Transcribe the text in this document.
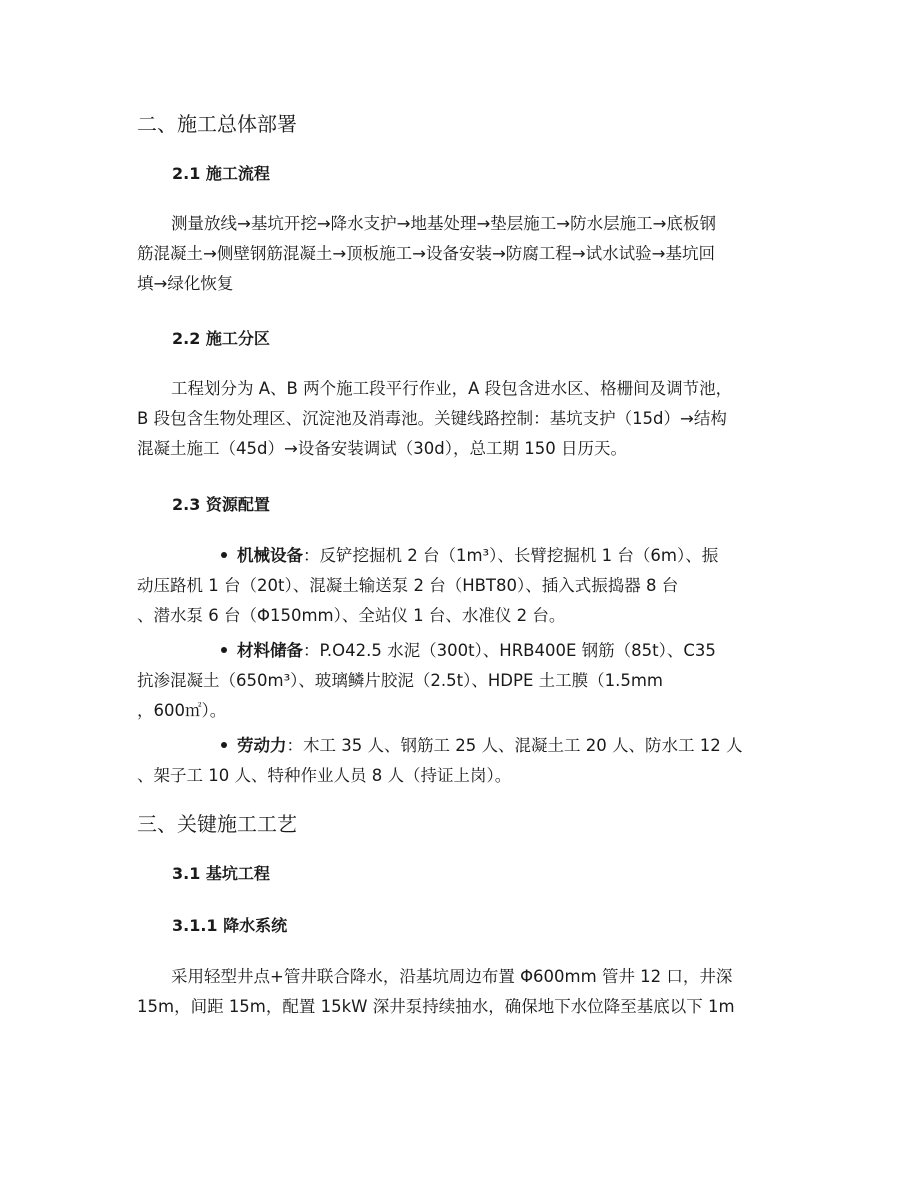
二、施工总体部署
2.1 施工流程

测量放线→基坑开挖→降水支护→地基处理→垫层施工→防水层施工→底板钢
筋混凝土→侧壁钢筋混凝土→顶板施工→设备安装→防腐工程→试水试验→基坑回
填→绿化恢复

2.2 施工分区

工程划分为 A、B 两个施工段平行作业，A 段包含进水区、格栅间及调节池，
B 段包含生物处理区、沉淀池及消毒池。关键线路控制：基坑支护（15d）→结构
混凝土施工（45d）→设备安装调试（30d），总工期 150 日历天。

2.3 资源配置
机械设备：反铲挖掘机 2 台（1m³）、长臂挖掘机 1 台（6m）、振
动压路机 1 台（20t）、混凝土输送泵 2 台（HBT80）、插入式振捣器 8 台
、潜水泵 6 台（Φ150mm）、全站仪 1 台、水准仪 2 台。
材料储备：P.O42.5 水泥（300t）、HRB400E 钢筋（85t）、C35
抗渗混凝土（650m³）、玻璃鳞片胶泥（2.5t）、HDPE 土工膜（1.5mm
，600㎡）。
劳动力：木工 35 人、钢筋工 25 人、混凝土工 20 人、防水工 12 人
、架子工 10 人、特种作业人员 8 人（持证上岗）。
三、关键施工工艺
3.1 基坑工程
3.1.1 降水系统

采用轻型井点+管井联合降水，沿基坑周边布置 Φ600mm 管井 12 口，井深
15m，间距 15m，配置 15kW 深井泵持续抽水，确保地下水位降至基底以下 1m
